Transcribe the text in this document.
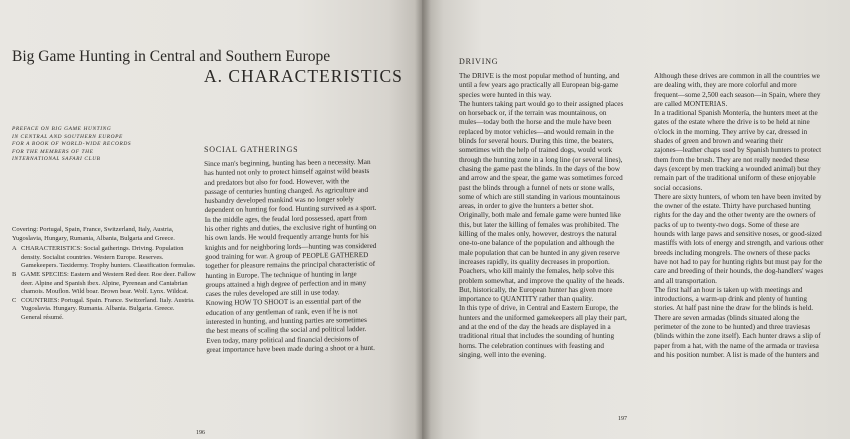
Big Game Hunting in Central and Southern Europe
A. CHARACTERISTICS
PREFACE ON BIG GAME HUNTING
IN CENTRAL AND SOUTHERN EUROPE
FOR A BOOK OF WORLD-WIDE RECORDS
FOR THE MEMBERS OF THE
INTERNATIONAL SAFARI CLUB

Covering: Portugal, Spain, France, Switzerland, Italy, Austria, Yugoslavia, Hungary, Rumania, Albania, Bulgaria and Greece.

A CHARACTERISTICS: Social gatherings. Driving. Population density. Socialist countries. Western Europe. Reserves. Gamekeepers. Taxidermy. Trophy hunters. Classification formulas.
B GAME SPECIES: Eastern and Western Red deer. Roe deer. Fallow deer. Alpine and Spanish ibex. Alpine, Pyrenean and Cantabrian chamois. Mouflon. Wild boar. Brown bear. Wolf. Lynx. Wildcat.
C COUNTRIES: Portugal. Spain. France. Switzerland. Italy. Austria. Yugoslavia. Hungary. Rumania. Albania. Bulgaria. Greece. General résumé.
SOCIAL GATHERINGS
Since man's beginning, hunting has been a necessity. Man
has hunted not only to protect himself against wild beasts
and predators but also for food. However, with the
passage of centuries hunting changed. As agriculture and
husbandry developed mankind was no longer solely
dependent on hunting for food. Hunting survived as a sport.
In the middle ages, the feudal lord possessed, apart from
his other rights and duties, the exclusive right of hunting on
his own lands. He would frequently arrange hunts for his
knights and for neighboring lords—hunting was considered
good training for war. A group of PEOPLE GATHERED
together for pleasure remains the principal characteristic of
hunting in Europe. The technique of hunting in large
groups attained a high degree of perfection and in many
cases the rules developed are still in use today.
Knowing HOW TO SHOOT is an essential part of the
education of any gentleman of rank, even if he is not
interested in hunting, and hunting parties are sometimes
the best means of scaling the social and political ladder.
Even today, many political and financial decisions of
great importance have been made during a shoot or a hunt.
196
DRIVING
The DRIVE is the most popular method of hunting, and
until a few years ago practically all European big-game
species were hunted in this way.
The hunters taking part would go to their assigned places
on horseback or, if the terrain was mountainous, on
mules—today both the horse and the mule have been
replaced by motor vehicles—and would remain in the
blinds for several hours. During this time, the beaters,
sometimes with the help of trained dogs, would work
through the hunting zone in a long line (or several lines),
chasing the game past the blinds. In the days of the bow
and arrow and the spear, the game was sometimes forced
past the blinds through a funnel of nets or stone walls,
some of which are still standing in various mountainous
areas, in order to give the hunters a better shot.
Originally, both male and female game were hunted like
this, but later the killing of females was prohibited. The
killing of the males only, however, destroys the natural
one-to-one balance of the population and although the
male population that can be hunted in any given reserve
increases rapidly, its quality decreases in proportion.
Poachers, who kill mainly the females, help solve this
problem somewhat, and improve the quality of the heads.
But, historically, the European hunter has given more
importance to QUANTITY rather than quality.
In this type of drive, in Central and Eastern Europe, the
hunters and the uniformed gamekeepers all play their part,
and at the end of the day the heads are displayed in a
traditional ritual that includes the sounding of hunting
horns. The celebration continues with feasting and
singing, well into the evening.
Although these drives are common in all the countries we
are dealing with, they are more colorful and more
frequent—some 2,500 each season—in Spain, where they
are called MONTERIAS.
In a traditional Spanish Montería, the hunters meet at the
gates of the estate where the drive is to be held at nine
o'clock in the morning. They arrive by car, dressed in
shades of green and brown and wearing their
zajones—leather chaps used by Spanish hunters to protect
them from the brush. They are not really needed these
days (except by men tracking a wounded animal) but they
remain part of the traditional uniform of these enjoyable
social occasions.
There are sixty hunters, of whom ten have been invited by
the owner of the estate. Thirty have purchased hunting
rights for the day and the other twenty are the owners of
packs of up to twenty-two dogs. Some of these are
hounds with large paws and sensitive noses, or good-sized
mastiffs with lots of energy and strength, and various other
breeds including mongrels. The owners of these packs
have not had to pay for hunting rights but must pay for the
care and breeding of their hounds, the dog-handlers' wages
and all transportation.
The first half an hour is taken up with meetings and
introductions, a warm-up drink and plenty of hunting
stories. At half past nine the draw for the blinds is held.
There are seven armadas (blinds situated along the
perimeter of the zone to be hunted) and three traviesas
(blinds within the zone itself). Each hunter draws a slip of
paper from a hat, with the name of the armada or traviesa
and his position number. A list is made of the hunters and
197
